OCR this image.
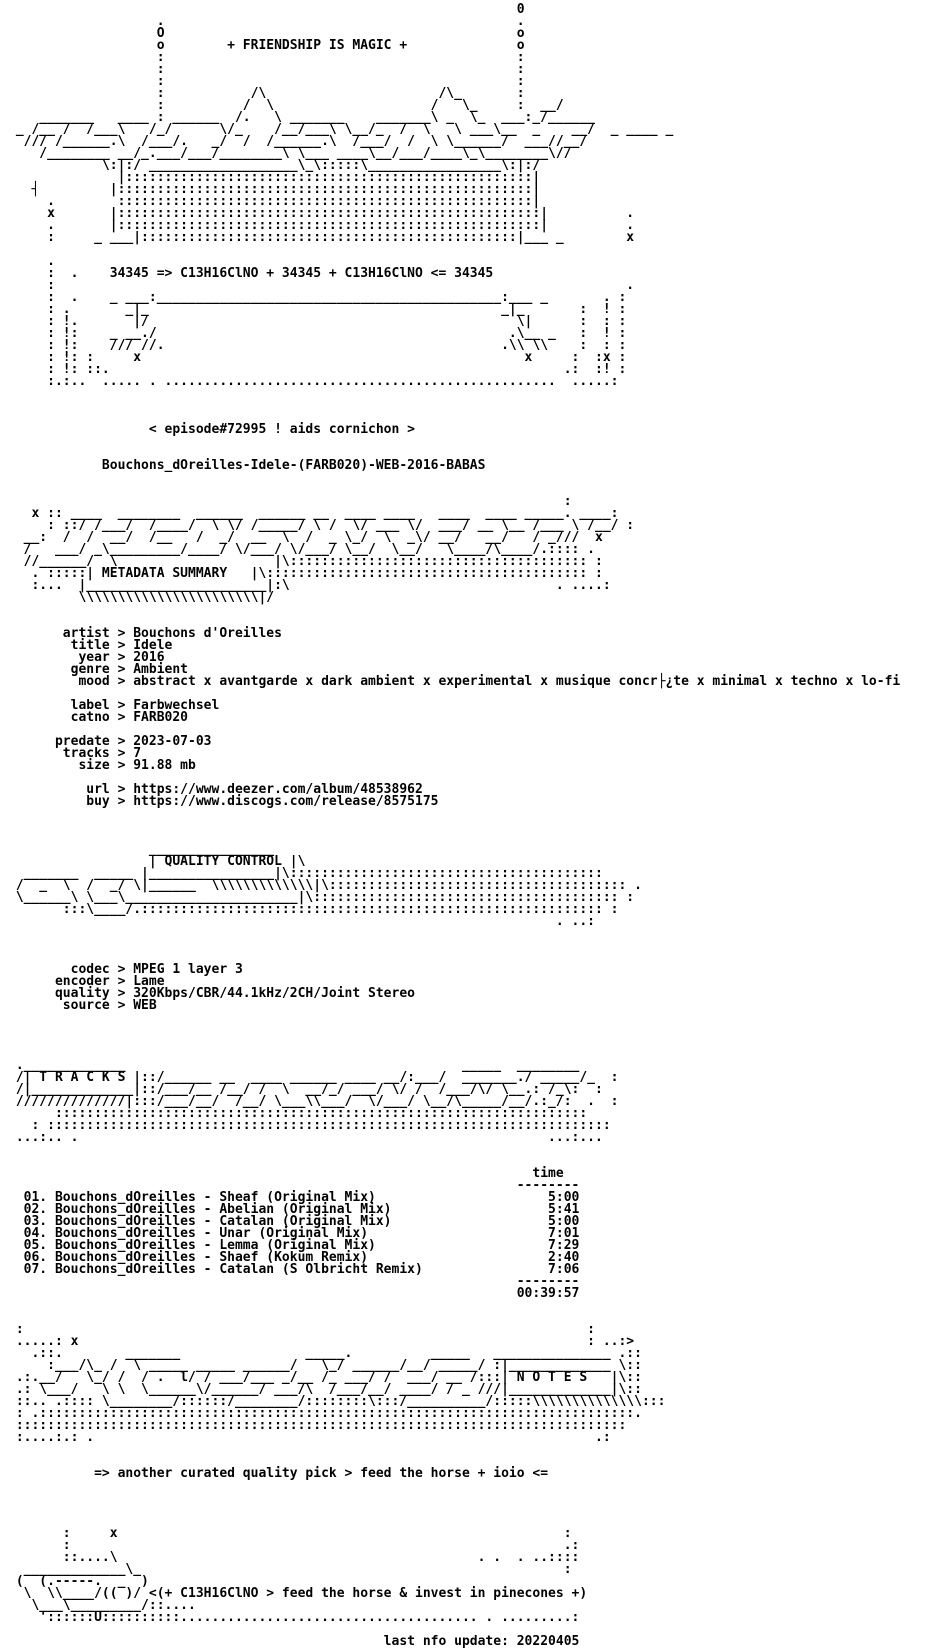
0
.                                             .
O                                             o
o        + FRIENDSHIP IS MAGIC +              o
:                                             :
:                                             :
:                                             :
:           /\                      /\_       :
:          /  \                    /   \_     :  __/
_______   ____ : ______  /.   \ _______    _______\ _  \_  ___:_/______
_ /__ /  /___\   /_/      \/_    /__/___\ \__/_  /  \   \ ___\__  _    __/  _ ____ _
/// /______.\  /___/.   _/  /  /______.\  /___/  /  \ \______/  ___//__/
/________ __/_.___/___/________\ \___ ____\__/___/____\_\________\//
\:|:/ ___________________\_\:::::\_________________\:|:/
|::::::::::::::::::::::::::::::::::::::::::::::::::::|
┤         |:::::::::::::::::::::::::::::::::::::::::::::::::::::|
.        :::::::::::::::::::::::::::::::::::::::::::::::::::::|
x       |::::::::::::::::::::::::::::::::::::::::::::::::::::::|          .
.       |::::::::::::::::::::::::::::::::::::::::::::::::::::::|          .
:     _ ___|::::::::::::::::::::::::::::::::::::::::::::::::|___ _        x

.
:  .    34345 => C13H16ClNO + 34345 + C13H16ClNO <= 34345
:                                                                         .
:  .    _ ___:____________________________________________:___ _       . :
: .       _|_                                             _|_       :  ! :
: !.       |/                                               \|      :  : :
: !:    _ __./                                             .\__ _   :  ! :
: !:    /// //.                                           .\\ \\    :  : :
: !: :     x                                                 x     :  :x :
: !: ::.                                                          .:  :! :
:.:..  ..... . ..................................................  .....:

< episode#72995 ! aids cornichon >

Bouchons_dOreilles-Idele-(FARB020)-WEB-2016-BABAS

:
x :: ____  ________  ______  ______ __  ____ ____   ____  ____ _____. ____:
: ::/ /___/  /____/  \ \/ /_____/ \ /  \/ ___ \/  ___/ __ \__ /___ \ /__/ :
__:  /  /  __/  /__   /  _/  __  \  /  _ \_/  \  _\/ __/   __/   / _///  x
/   ___/ _\_________/____/ \/___/ \/___/ \__/  \__/   \____/\____/.:::: .
//______/  \                    |\:::::::::::::::::::::::::::::::::::::: :
. :::::| METADATA SUMMARY   |\::::::::::::::::::::::::::::::::::::::::: :
:...  |_______________________|:\                                  . ....:
\\\\\\\\\\\\\\\\\\\\\\\|/

artist > Bouchons d'Oreilles
title > Idele
year > 2016
genre > Ambient
mood > abstract x avantgarde x dark ambient x experimental x musique concr├¿te x minimal x techno x lo-fi

label > Farbwechsel
catno > FARB020

predate > 2023-07-03
tracks > 7
size > 91.88 mb

url > https://www.deezer.com/album/48538962
buy > https://www.discogs.com/release/8575175

________________
| QUALITY CONTROL |\
_______  _____ |________________|\::::::::::::::::::::::::::::::::::::::::
/  _  \  /  _/ \|______  \\\\\\\\\\\\\|\:::::::::::::::::::::::::::::::::::::: .
\______\ \___\______________________|\::::::::::::::::::::::::::::::::::::::: :
:::\____/.::::::::::::::::::::::::::::::::::::::::::::::::::::::::::: :
. ..:

codec > MPEG 1 layer 3
encoder > Lame
quality > 320Kbps/CBR/44.1kHz/2CH/Joint Stereo
source > WEB

._____________                                           _____  ________
/| T R A C K S |::/______ __  ____ ______ ____ __/:___/  _______./ _____/_  :
/|_____________|::/___/__ /__/ /  \  __/_/ ___/ \/ /  /___/\/ \__.: /_\:  :
//////////////|:::/___/__/  /__/ \___\\___/  \/___/ \__/\_____/__/.:_/:  .  :
::::::::::::::::::::::::::::::::::::::::::::::::::::::::::::::::::::
: ::::::::::::::::::::::::::::::::::::::::::::::::::::::::::::::::::::::::
...:.. .                                                            ...:...

time
--------
01. Bouchons_dOreilles - Sheaf (Original Mix)                      5:00
02. Bouchons_dOreilles - Abelian (Original Mix)                    5:41
03. Bouchons_dOreilles - Catalan (Original Mix)                    5:00
04. Bouchons_dOreilles - Unar (Original Mix)                       7:01
05. Bouchons_dOreilles - Lemma (Original Mix)                      7:29
06. Bouchons_dOreilles - Shaef (Kokum Remix)                       2:40
07. Bouchons_dOreilles - Catalan (S Olbricht Remix)                7:06
--------
00:39:57

:                                                                        :
.....: x                                                                 : ..:>
.::.        _______                _____.          _____   _______________ .::
:___/\_ /  \ _____ _____ ______/   \_/ ______/__/ _____/ :|_____________ \::
.:.__/   \_/ /  / .  l/ / ___/___ _/__ /_ ___/ /  ___/ __ /:::| N O T E S   |\::
.: \___/   \ \  \______\/______/ ___/\  /___/__/ ____/ / _ ///|_____________|\::
::.. .:::: \________/::::::/________/::::::::\:::/__________/:::::\\\\\\\\\\\\\\:::
: .::::::::::::::::::::::::::::::::::::::::::::::::::::::::::::::::::::::::::::.
::::::::::::::::::::::::::::::::::::::::::::::::::::::::::::::::::::::::::::::
:....:.: .                                                                .:

=> another curated quality pick > feed the horse + ioio <=

:     x                                                         :
:                                                               .:
::....\                                              . .  . ..::::
_____________\_                                                      :
(  (.-----.  _  )
\  \\____/(( )/ <(+ C13H16ClNO > feed the horse & invest in pinecones +)
\___\_________/::....
'::::::U::::::::::...................................... . .........:

last nfo update: 20220405
